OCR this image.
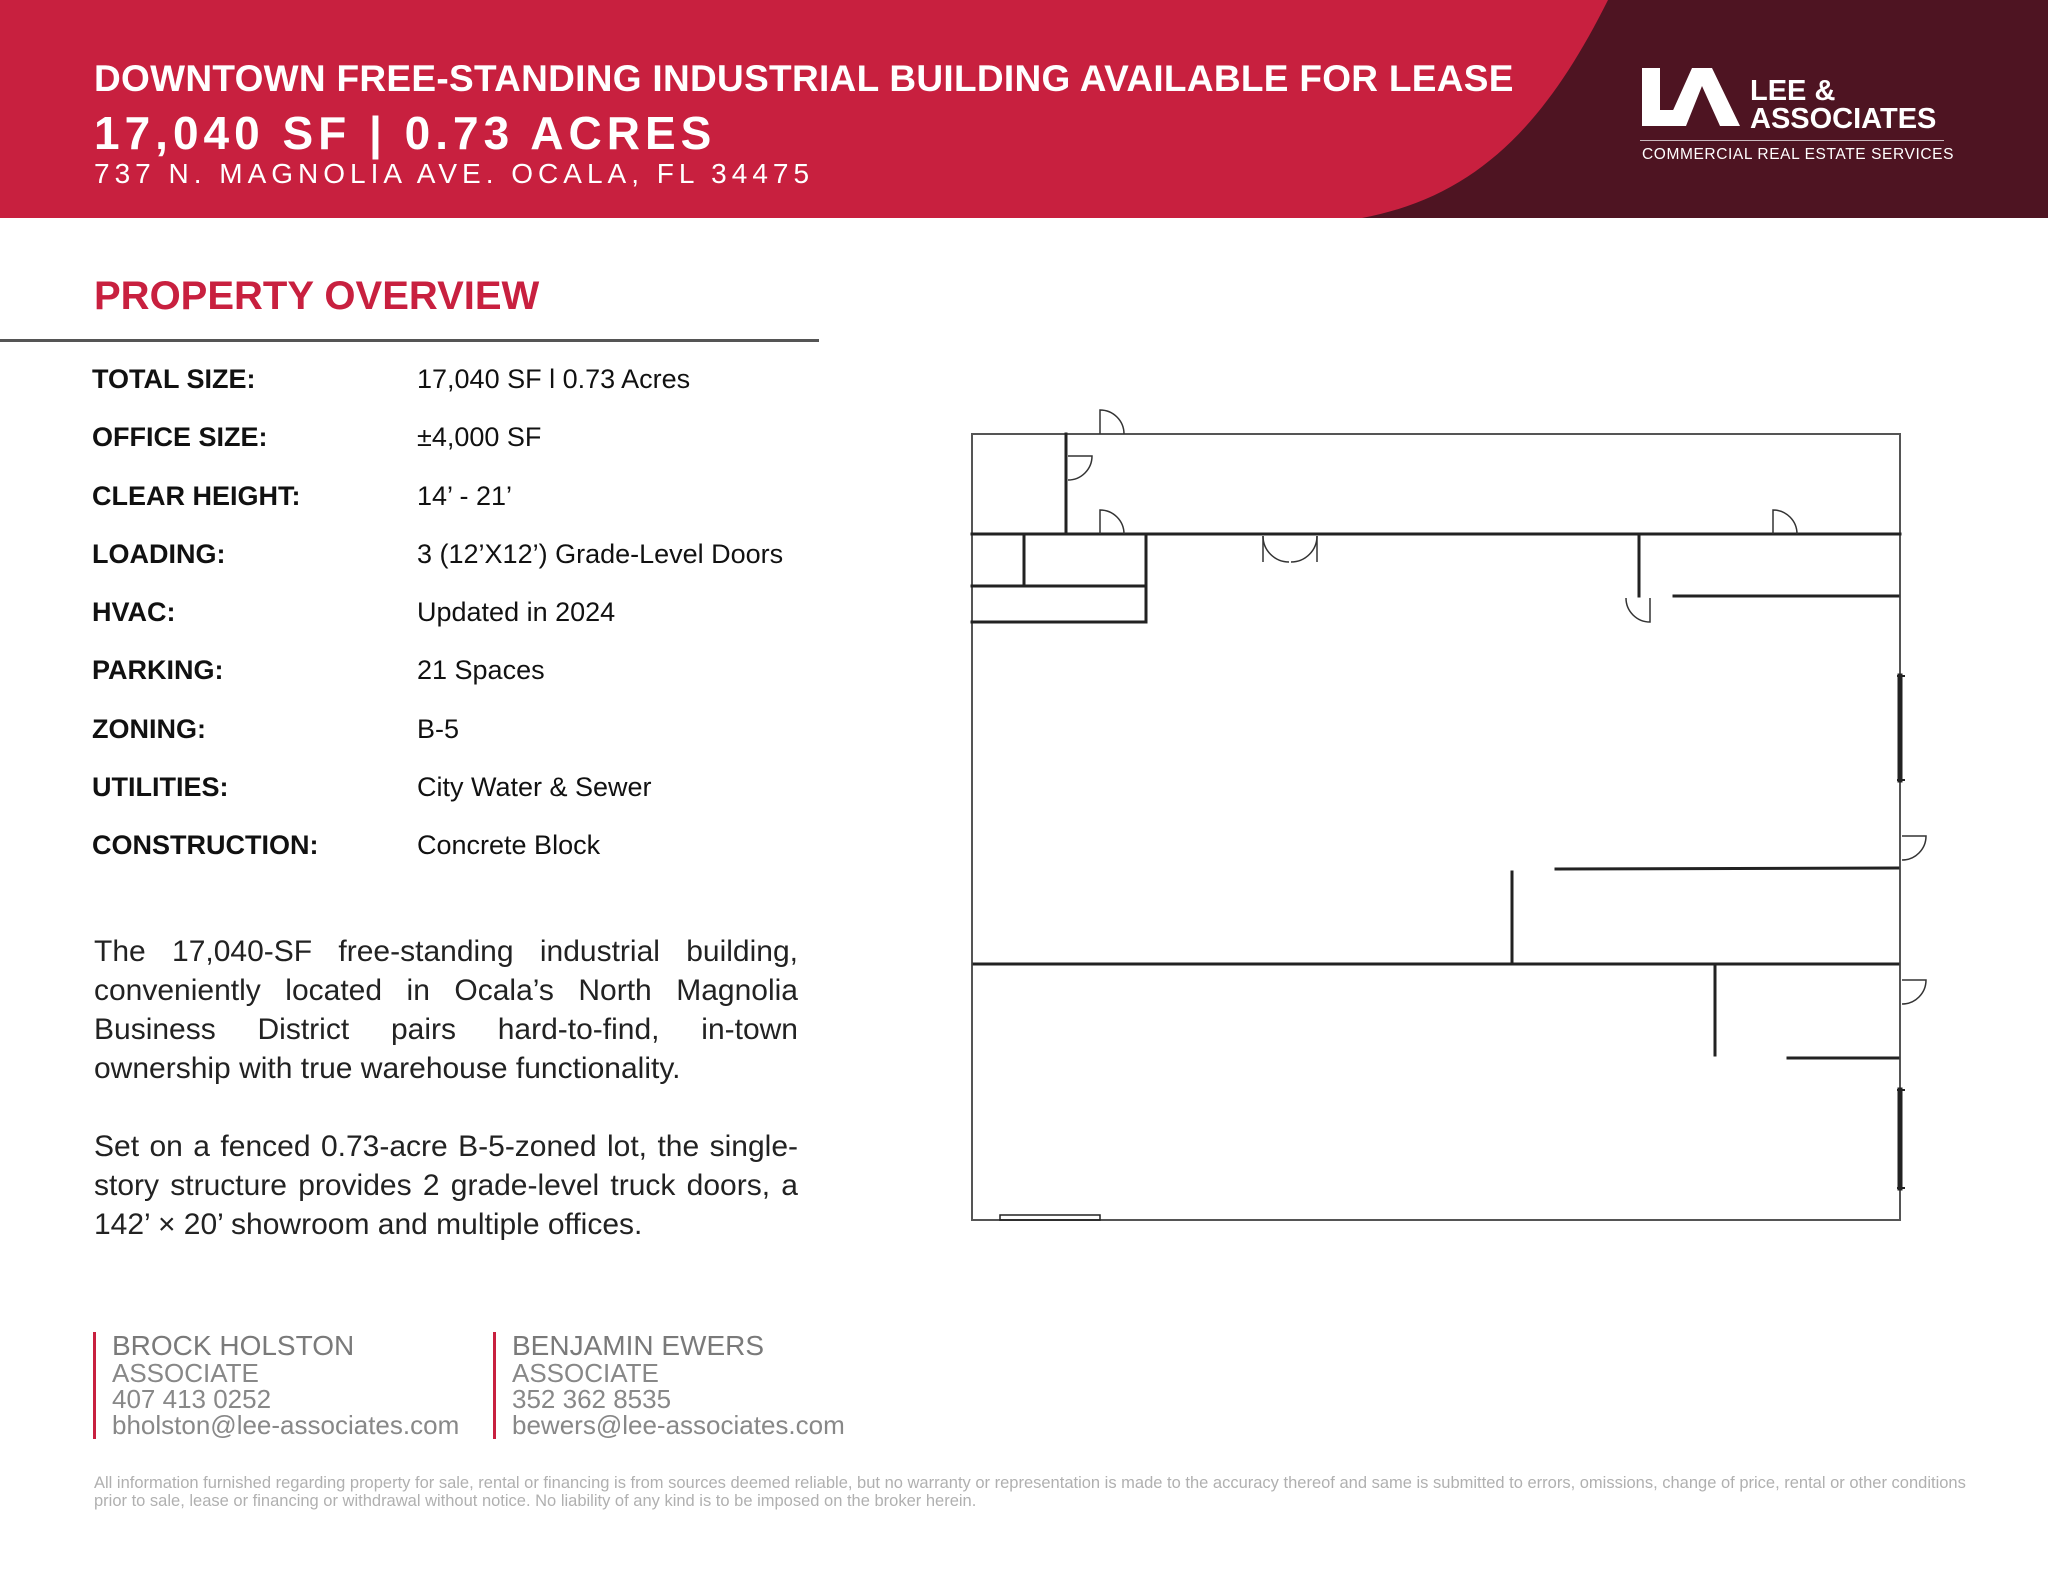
DOWNTOWN FREE-STANDING INDUSTRIAL BUILDING AVAILABLE FOR LEASE
17,040 SF | 0.73 ACRES
737 N. MAGNOLIA AVE. OCALA, FL 34475
LEE &
ASSOCIATES
COMMERCIAL REAL ESTATE SERVICES
PROPERTY OVERVIEW
TOTAL SIZE:	17,040 SF l 0.73 Acres
OFFICE SIZE:	±4,000 SF
CLEAR HEIGHT:	14’ - 21’
LOADING:	3 (12’X12’) Grade-Level Doors
HVAC:	Updated in 2024
PARKING:	21 Spaces
ZONING:	B-5
UTILITIES:	City Water & Sewer
CONSTRUCTION:	Concrete Block

The 17,040-SF free-standing industrial building, conveniently located in Ocala’s North Magnolia Business District pairs hard-to-find, in-town ownership with true warehouse functionality.

Set on a fenced 0.73-acre B-5-zoned lot, the single-story structure provides 2 grade-level truck doors, a 142’ × 20’ showroom and multiple offices.

BROCK HOLSTON
ASSOCIATE
407 413 0252
bholston@lee-associates.com
BENJAMIN EWERS
ASSOCIATE
352 362 8535
bewers@lee-associates.com
All information furnished regarding property for sale, rental or financing is from sources deemed reliable, but no warranty or representation is made to the accuracy thereof and same is submitted to errors, omissions, change of price, rental or other conditions prior to sale, lease or financing or withdrawal without notice. No liability of any kind is to be imposed on the broker herein.
